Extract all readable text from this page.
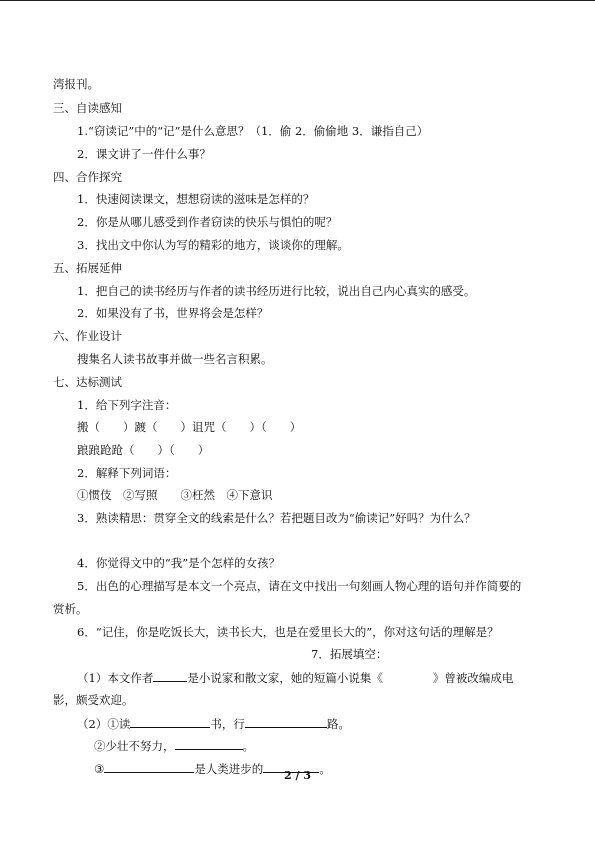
湾报刊。
三、自读感知
1.“窃读记”中的“记”是什么意思？（1．偷 2．偷偷地 3．谦指自己）
2．课文讲了一件什么事？
四、合作探究
1．快速阅读课文，想想窃读的滋味是怎样的？
2．你是从哪儿感受到作者窃读的快乐与惧怕的呢？
3．找出文中你认为写的精彩的地方，谈谈你的理解。
五、拓展延伸
1．把自己的读书经历与作者的读书经历进行比较，说出自己内心真实的感受。
2．如果没有了书，世界将会是怎样？
六、作业设计
搜集名人读书故事并做一些名言积累。
七、达标测试
1．给下列字注音：
搬（　　）踱（　　）诅咒（　　）（　　）
踉踉跄跄（　　）（　　）
2．解释下列词语：
①惯伎　②写照　　③枉然　④下意识
3．熟读精思：贯穿全文的线索是什么？若把题目改为“偷读记”好吗？为什么？
4．你觉得文中的“我”是个怎样的女孩？
5．出色的心理描写是本文一个亮点，请在文中找出一句刻画人物心理的语句并作简要的
赏析。
6．“记住，你是吃饭长大，读书长大，也是在爱里长大的”，你对这句话的理解是？
7．拓展填空：
（1）本文作者	是小说家和散文家，她的短篇小说集《	》曾被改编成电
影，颇受欢迎。
（2）①读	书，行	路。
②少壮不努力，	。
③	是人类进步的	。
2 / 3
